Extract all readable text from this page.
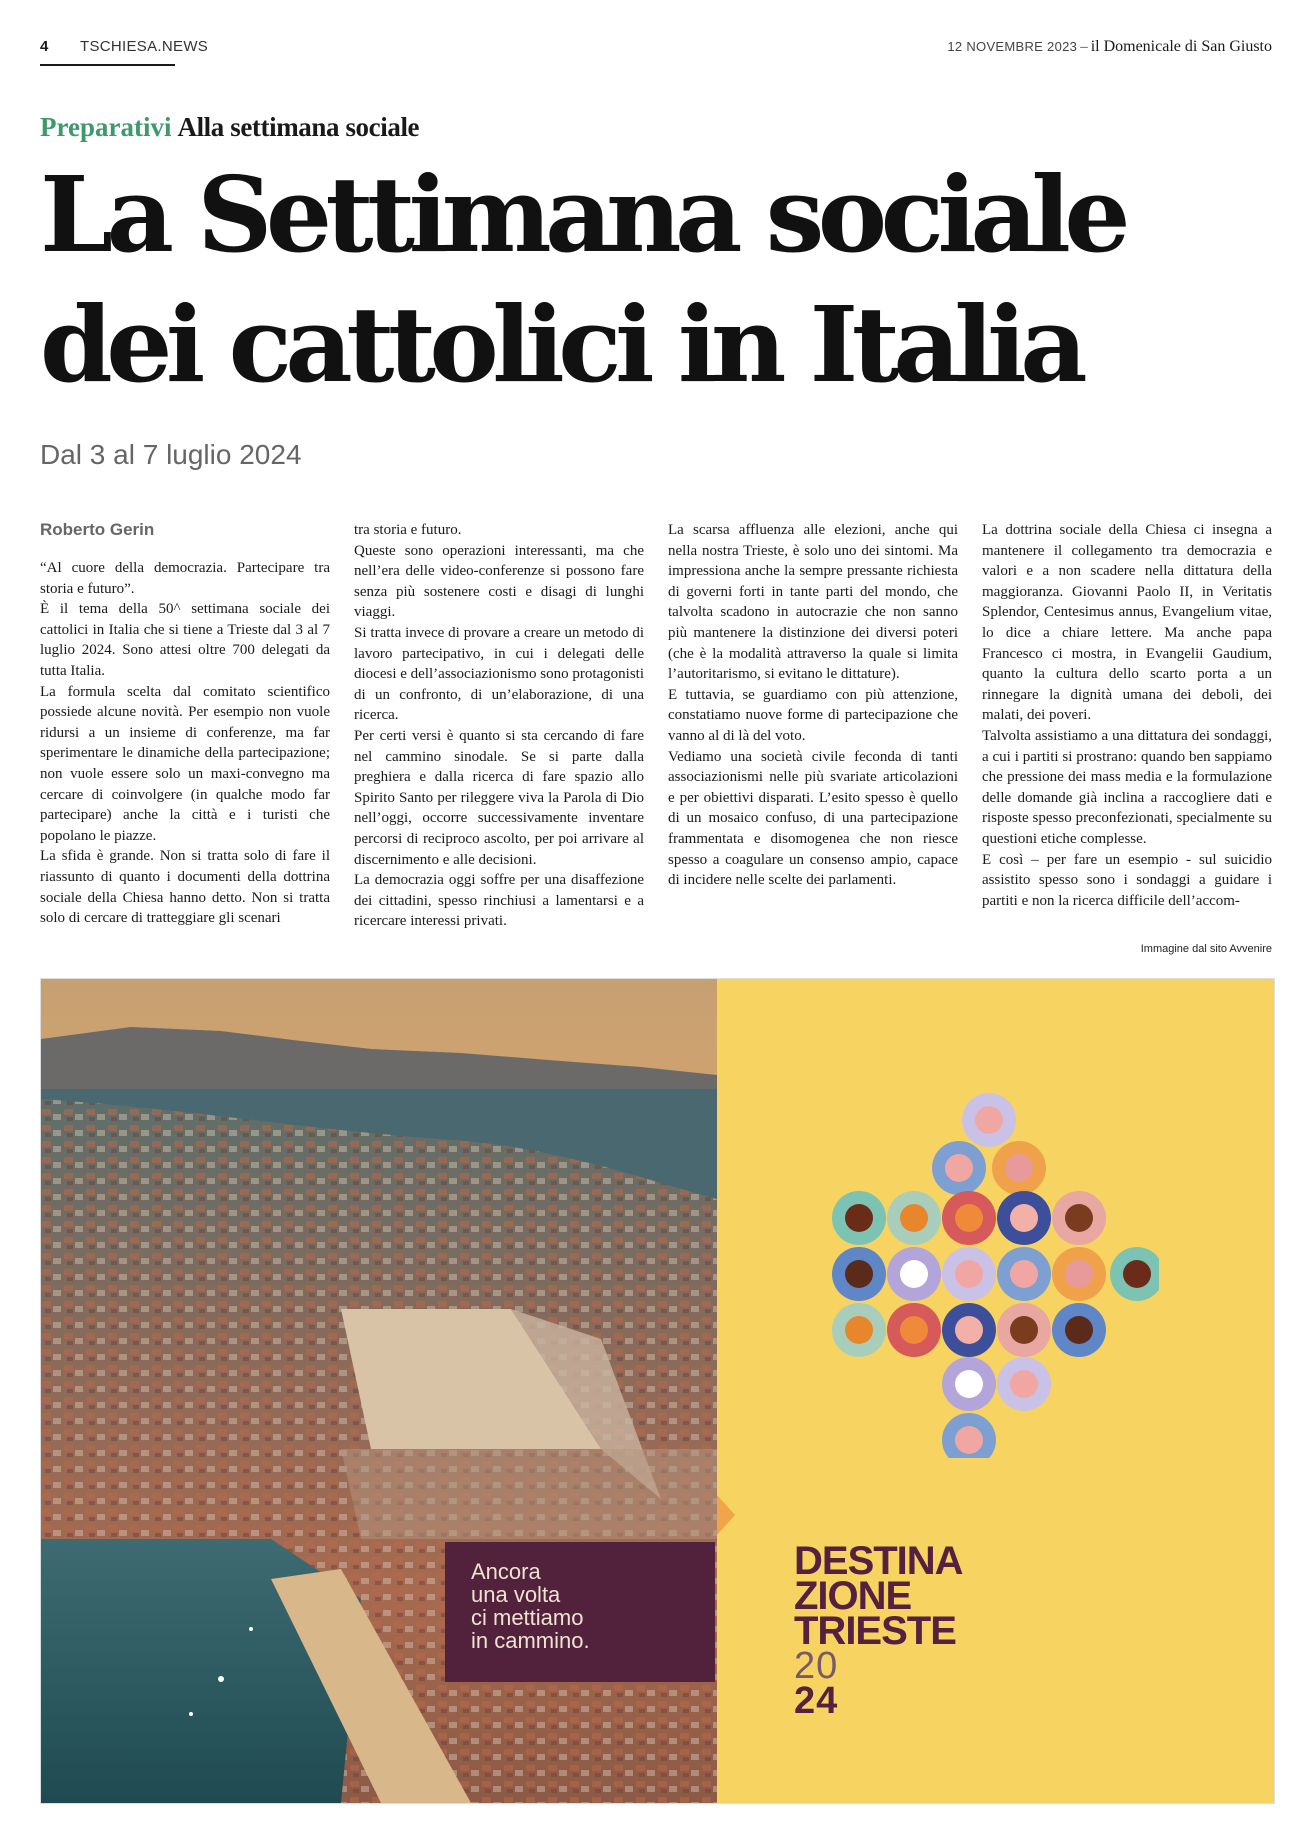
4 TSCHIESA.NEWS	12 NOVEMBRE 2023 – il Domenicale di San Giusto
Preparativi Alla settimana sociale
La Settimana sociale
dei cattolici in Italia
Dal 3 al 7 luglio 2024
Roberto Gerin

“Al cuore della democrazia. Partecipare tra storia e futuro”.

È il tema della 50^ settimana sociale dei cattolici in Italia che si tiene a Trieste dal 3 al 7 luglio 2024. Sono attesi oltre 700 delegati da tutta Italia.

La formula scelta dal comitato scientifico possiede alcune novità. Per esempio non vuole ridursi a un insieme di conferenze, ma far sperimentare le dinamiche della partecipazione; non vuole essere solo un maxi-convegno ma cercare di coinvolgere (in qualche modo far partecipare) anche la città e i turisti che popolano le piazze.

La sfida è grande. Non si tratta solo di fare il riassunto di quanto i documenti della dottrina sociale della Chiesa hanno detto. Non si tratta solo di cercare di tratteggiare gli scenari

tra storia e futuro.

Queste sono operazioni interessanti, ma che nell’era delle video-conferenze si possono fare senza più sostenere costi e disagi di lunghi viaggi.

Si tratta invece di provare a creare un metodo di lavoro partecipativo, in cui i delegati delle diocesi e dell’associazionismo sono protagonisti di un confronto, di un’elaborazione, di una ricerca.

Per certi versi è quanto si sta cercando di fare nel cammino sinodale. Se si parte dalla preghiera e dalla ricerca di fare spazio allo Spirito Santo per rileggere viva la Parola di Dio nell’oggi, occorre successivamente inventare percorsi di reciproco ascolto, per poi arrivare al discernimento e alle decisioni.

La democrazia oggi soffre per una disaffezione dei cittadini, spesso rinchiusi a lamentarsi e a ricercare interessi privati.

La scarsa affluenza alle elezioni, anche qui nella nostra Trieste, è solo uno dei sintomi. Ma impressiona anche la sempre pressante richiesta di governi forti in tante parti del mondo, che talvolta scadono in autocrazie che non sanno più mantenere la distinzione dei diversi poteri (che è la modalità attraverso la quale si limita l’autoritarismo, si evitano le dittature).

E tuttavia, se guardiamo con più attenzione, constatiamo nuove forme di partecipazione che vanno al di là del voto.

Vediamo una società civile feconda di tanti associazionismi nelle più svariate articolazioni e per obiettivi disparati. L’esito spesso è quello di un mosaico confuso, di una partecipazione frammentata e disomogenea che non riesce spesso a coagulare un consenso ampio, capace di incidere nelle scelte dei parlamenti.

La dottrina sociale della Chiesa ci insegna a mantenere il collegamento tra democrazia e valori e a non scadere nella dittatura della maggioranza. Giovanni Paolo II, in Veritatis Splendor, Centesimus annus, Evangelium vitae, lo dice a chiare lettere. Ma anche papa Francesco ci mostra, in Evangelii Gaudium, quanto la cultura dello scarto porta a un rinnegare la dignità umana dei deboli, dei malati, dei poveri.

Talvolta assistiamo a una dittatura dei sondaggi, a cui i partiti si prostrano: quando ben sappiamo che pressione dei mass media e la formulazione delle domande già inclina a raccogliere dati e risposte spesso preconfezionati, specialmente su questioni etiche complesse.

E così – per fare un esempio - sul suicidio assistito spesso sono i sondaggi a guidare i partiti e non la ricerca difficile dell’accom-

Immagine dal sito Avvenire
DESTINA
ZIONE
TRIESTE
20
24
Ancora
una volta
ci mettiamo
in cammino.
